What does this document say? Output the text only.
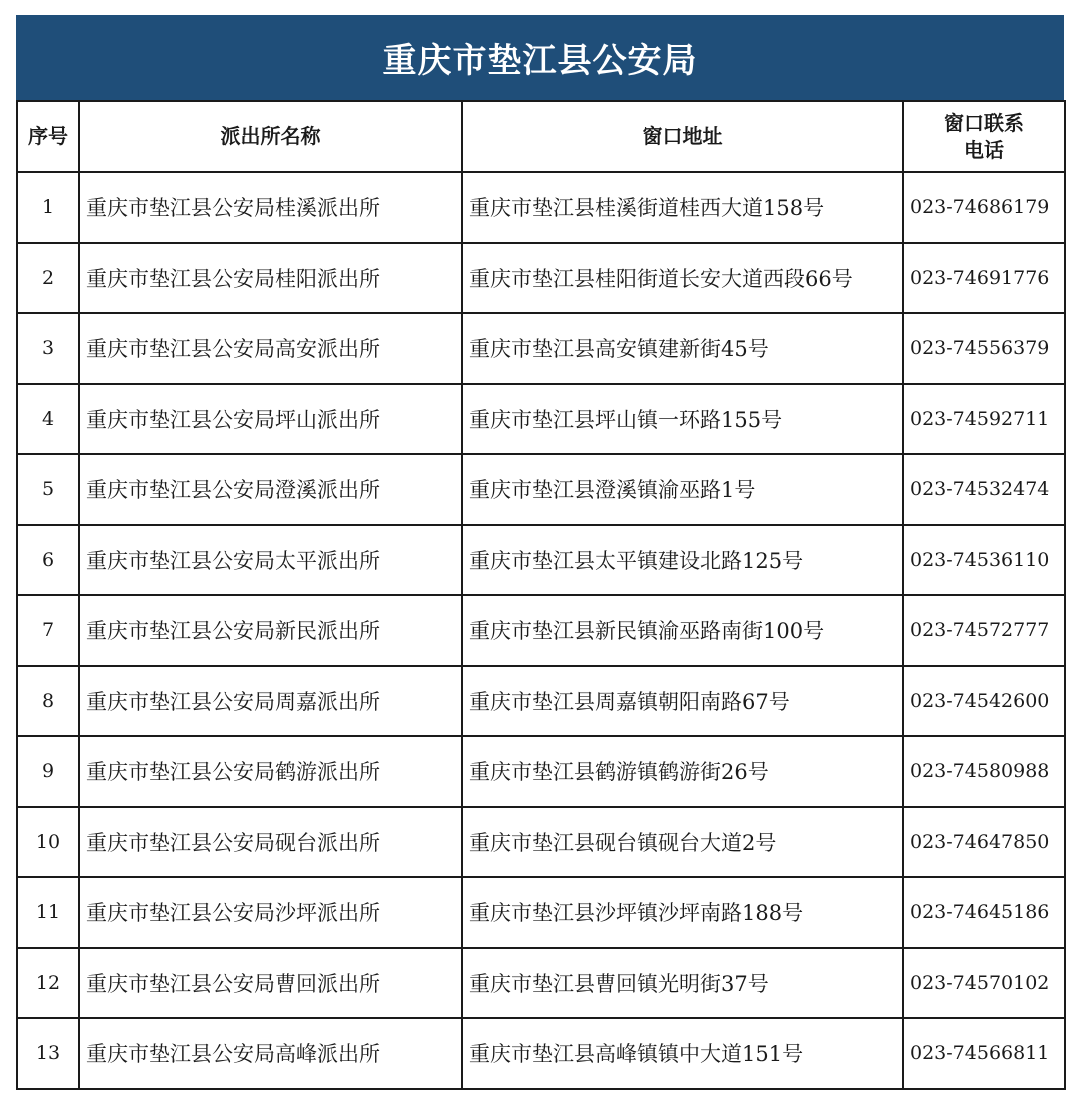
重庆市垫江县公安局
序号	派出所名称	窗口地址	窗口联系电话

1	重庆市垫江县公安局桂溪派出所	重庆市垫江县桂溪街道桂西大道158号	023-74686179
2	重庆市垫江县公安局桂阳派出所	重庆市垫江县桂阳街道长安大道西段66号	023-74691776
3	重庆市垫江县公安局高安派出所	重庆市垫江县高安镇建新街45号	023-74556379
4	重庆市垫江县公安局坪山派出所	重庆市垫江县坪山镇一环路155号	023-74592711
5	重庆市垫江县公安局澄溪派出所	重庆市垫江县澄溪镇渝巫路1号	023-74532474
6	重庆市垫江县公安局太平派出所	重庆市垫江县太平镇建设北路125号	023-74536110
7	重庆市垫江县公安局新民派出所	重庆市垫江县新民镇渝巫路南街100号	023-74572777
8	重庆市垫江县公安局周嘉派出所	重庆市垫江县周嘉镇朝阳南路67号	023-74542600
9	重庆市垫江县公安局鹤游派出所	重庆市垫江县鹤游镇鹤游街26号	023-74580988
10	重庆市垫江县公安局砚台派出所	重庆市垫江县砚台镇砚台大道2号	023-74647850
11	重庆市垫江县公安局沙坪派出所	重庆市垫江县沙坪镇沙坪南路188号	023-74645186
12	重庆市垫江县公安局曹回派出所	重庆市垫江县曹回镇光明街37号	023-74570102
13	重庆市垫江县公安局高峰派出所	重庆市垫江县高峰镇镇中大道151号	023-74566811
